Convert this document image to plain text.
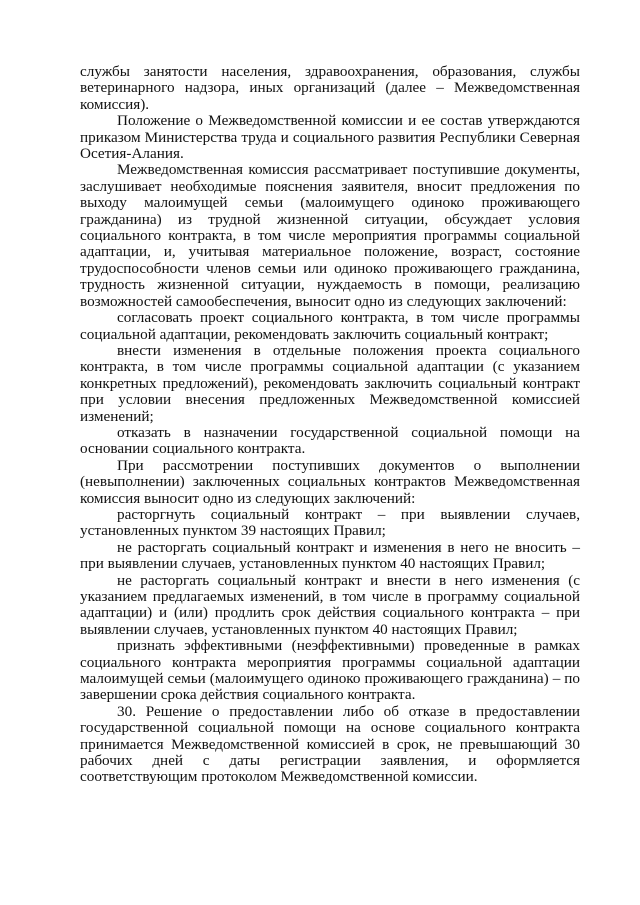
службы занятости населения, здравоохранения, образования, службы ветеринарного надзора, иных организаций (далее – Межведомственная комиссия).

Положение о Межведомственной комиссии и ее состав утверждаются приказом Министерства труда и социального развития Республики Северная Осетия-Алания.

Межведомственная комиссия рассматривает поступившие документы, заслушивает необходимые пояснения заявителя, вносит предложения по выходу малоимущей семьи (малоимущего одиноко проживающего гражданина) из трудной жизненной ситуации, обсуждает условия социального контракта, в том числе мероприятия программы социальной адаптации, и, учитывая материальное положение, возраст, состояние трудоспособности членов семьи или одиноко проживающего гражданина, трудность жизненной ситуации, нуждаемость в помощи, реализацию возможностей самообеспечения, выносит одно из следующих заключений:

согласовать проект социального контракта, в том числе программы социальной адаптации, рекомендовать заключить социальный контракт;

внести изменения в отдельные положения проекта социального контракта, в том числе программы социальной адаптации (с указанием конкретных предложений), рекомендовать заключить социальный контракт при условии внесения предложенных Межведомственной комиссией изменений;

отказать в назначении государственной социальной помощи на основании социального контракта.

При рассмотрении поступивших документов о выполнении (невыполнении) заключенных социальных контрактов Межведомственная комиссия выносит одно из следующих заключений:

расторгнуть социальный контракт – при выявлении случаев, установленных пунктом 39 настоящих Правил;

не расторгать социальный контракт и изменения в него не вносить – при выявлении случаев, установленных пунктом 40 настоящих Правил;

не расторгать социальный контракт и внести в него изменения (с указанием предлагаемых изменений, в том числе в программу социальной адаптации) и (или) продлить срок действия социального контракта – при выявлении случаев, установленных пунктом 40 настоящих Правил;

признать эффективными (неэффективными) проведенные в рамках социального контракта мероприятия программы социальной адаптации малоимущей семьи (малоимущего одиноко проживающего гражданина) – по завершении срока действия социального контракта.

30. Решение о предоставлении либо об отказе в предоставлении государственной социальной помощи на основе социального контракта принимается Межведомственной комиссией в срок, не превышающий 30 рабочих дней с даты регистрации заявления, и оформляется соответствующим протоколом Межведомственной комиссии.
